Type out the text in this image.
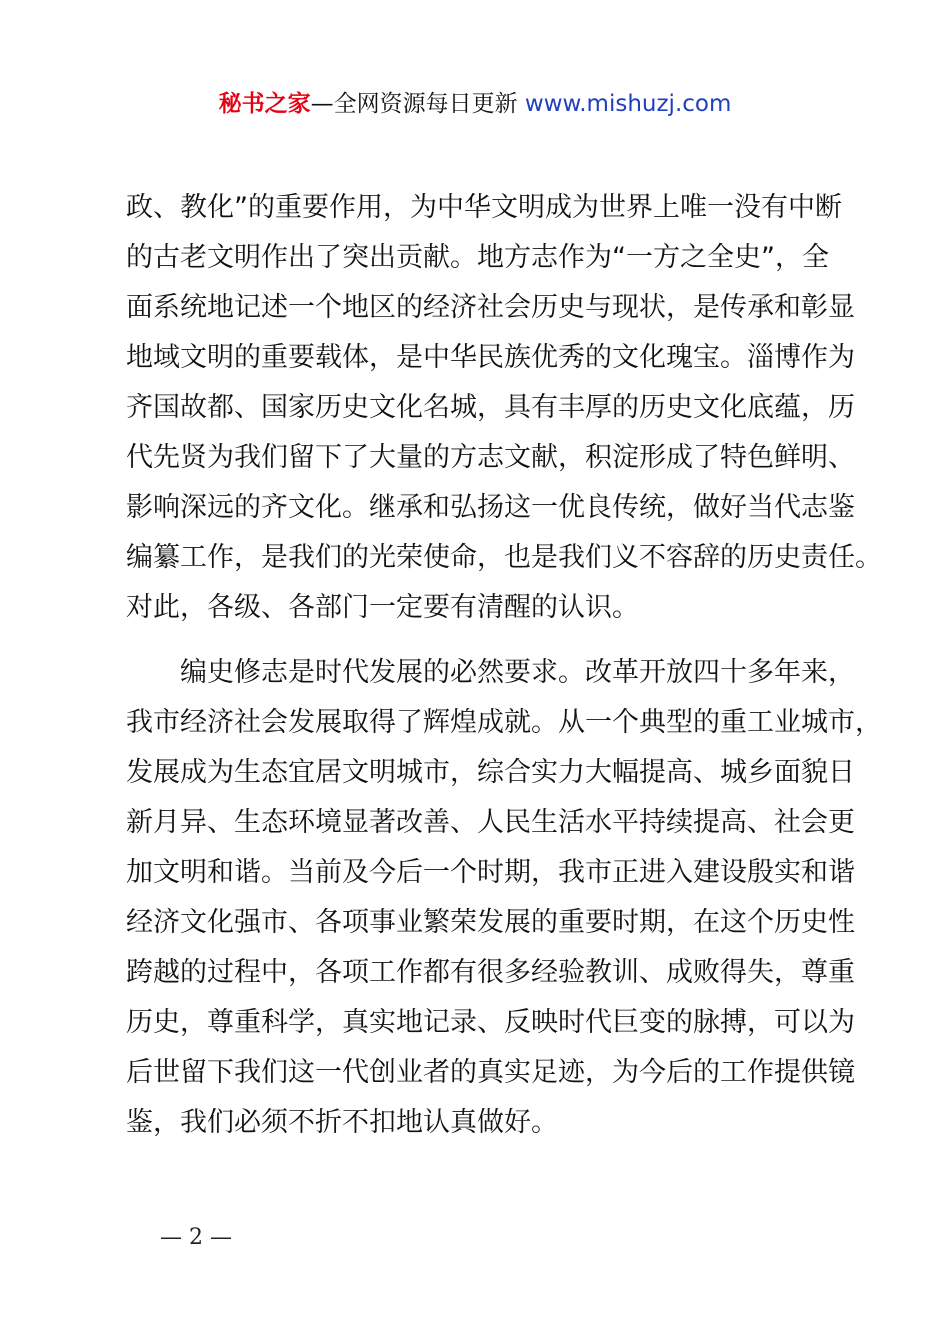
秘书之家—全网资源每日更新 www.mishuzj.com
政、教化”的重要作用，为中华文明成为世界上唯一没有中断
的古老文明作出了突出贡献。地方志作为“一方之全史”，全
面系统地记述一个地区的经济社会历史与现状，是传承和彰显
地域文明的重要载体，是中华民族优秀的文化瑰宝。淄博作为
齐国故都、国家历史文化名城，具有丰厚的历史文化底蕴，历
代先贤为我们留下了大量的方志文献，积淀形成了特色鲜明、
影响深远的齐文化。继承和弘扬这一优良传统，做好当代志鉴
编纂工作，是我们的光荣使命，也是我们义不容辞的历史责任。
对此，各级、各部门一定要有清醒的认识。
编史修志是时代发展的必然要求。改革开放四十多年来，
我市经济社会发展取得了辉煌成就。从一个典型的重工业城市，
发展成为生态宜居文明城市，综合实力大幅提高、城乡面貌日
新月异、生态环境显著改善、人民生活水平持续提高、社会更
加文明和谐。当前及今后一个时期，我市正进入建设殷实和谐
经济文化强市、各项事业繁荣发展的重要时期，在这个历史性
跨越的过程中，各项工作都有很多经验教训、成败得失，尊重
历史，尊重科学，真实地记录、反映时代巨变的脉搏，可以为
后世留下我们这一代创业者的真实足迹，为今后的工作提供镜
鉴，我们必须不折不扣地认真做好。
— 2 —
